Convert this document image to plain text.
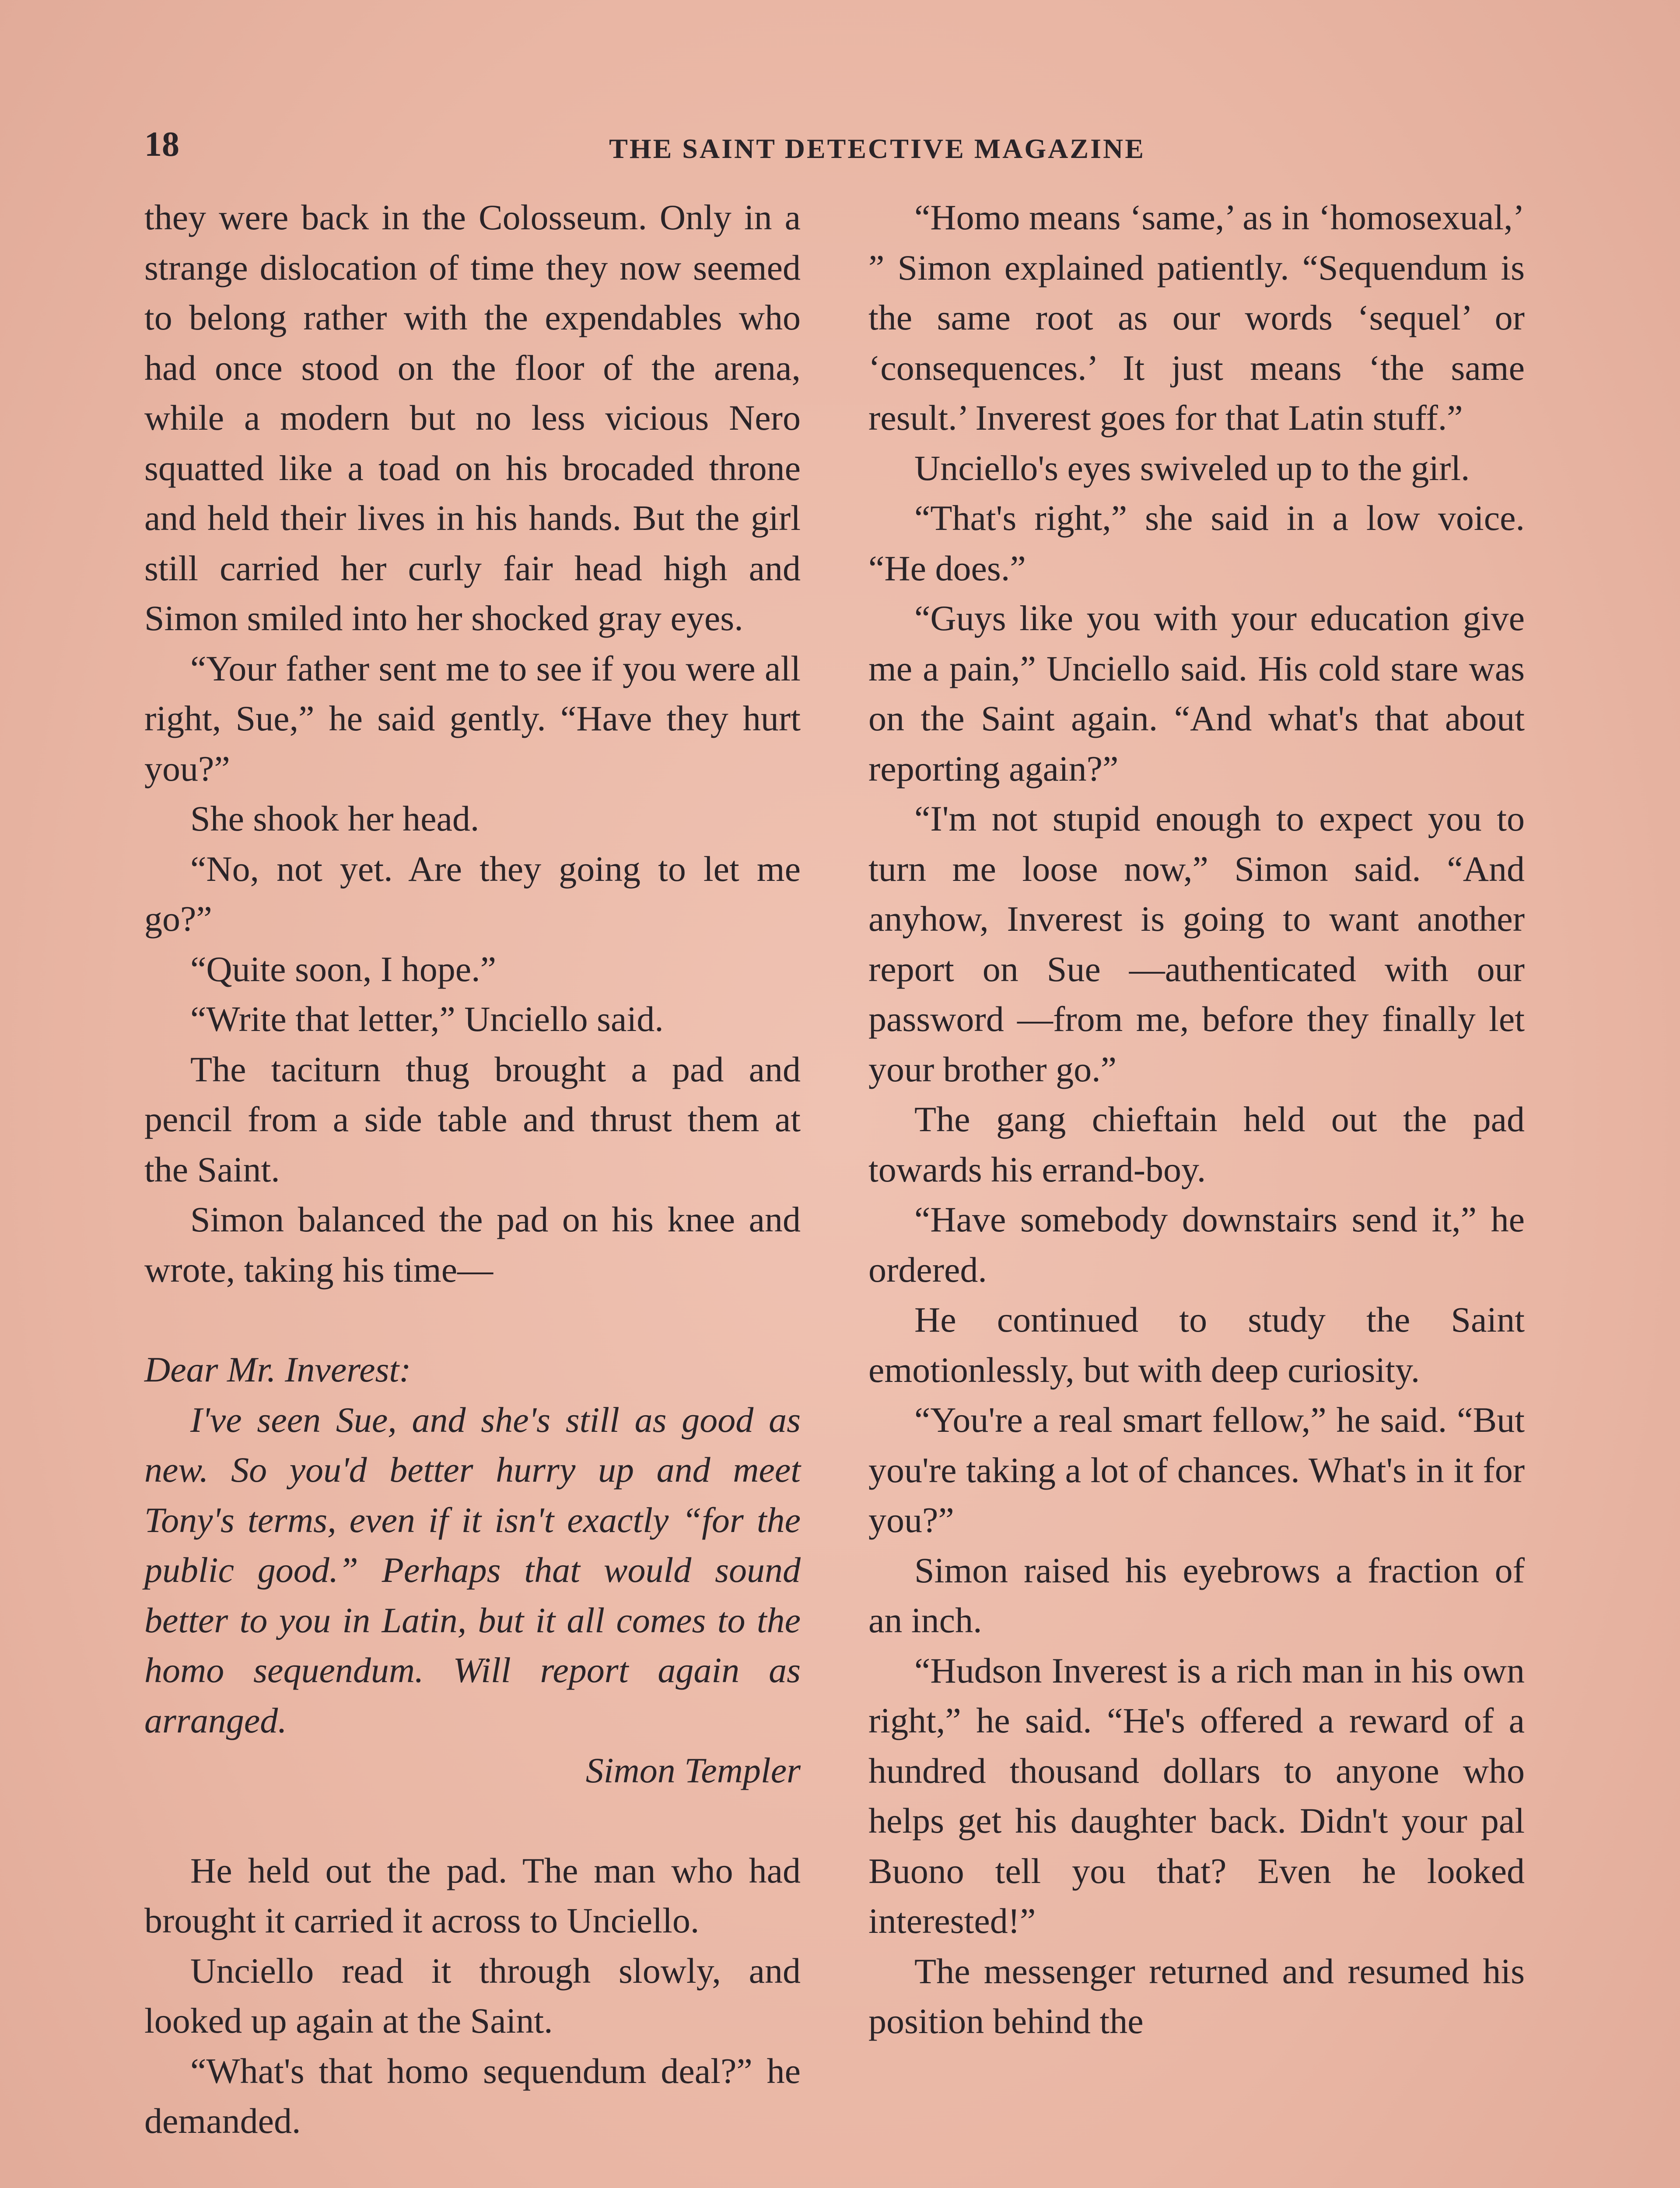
18	THE SAINT DETECTIVE MAGAZINE

they were back in the Colosseum. Only in a strange dislocation of time they now seemed to belong rather with the expendables who had once stood on the floor of the arena, while a modern but no less vicious Nero squatted like a toad on his brocaded throne and held their lives in his hands. But the girl still carried her curly fair head high and Simon smiled into her shocked gray eyes.

“Your father sent me to see if you were all right, Sue,” he said gently. “Have they hurt you?”

She shook her head.

“No, not yet. Are they going to let me go?”

“Quite soon, I hope.”

“Write that letter,” Unciello said.

The taciturn thug brought a pad and pencil from a side table and thrust them at the Saint.

Simon balanced the pad on his knee and wrote, taking his time—

Dear Mr. Inverest:

I've seen Sue, and she's still as good as new. So you'd better hurry up and meet Tony's terms, even if it isn't exactly “for the public good.” Perhaps that would sound better to you in Latin, but it all comes to the homo sequendum. Will report again as arranged.

Simon Templer

He held out the pad. The man who had brought it carried it across to Unciello.

Unciello read it through slowly, and looked up again at the Saint.

“What's that homo sequendum deal?” he demanded.

“Homo means ‘same,’ as in ‘homosexual,’ ” Simon explained patiently. “Sequendum is the same root as our words ‘sequel’ or ‘consequences.’ It just means ‘the same result.’ Inverest goes for that Latin stuff.”

Unciello's eyes swiveled up to the girl.

“That's right,” she said in a low voice. “He does.”

“Guys like you with your education give me a pain,” Unciello said. His cold stare was on the Saint again. “And what's that about reporting again?”

“I'm not stupid enough to expect you to turn me loose now,” Simon said. “And anyhow, Inverest is going to want another report on Sue —authenticated with our password —from me, before they finally let your brother go.”

The gang chieftain held out the pad towards his errand-boy.

“Have somebody downstairs send it,” he ordered.

He continued to study the Saint emotionlessly, but with deep curiosity.

“You're a real smart fellow,” he said. “But you're taking a lot of chances. What's in it for you?”

Simon raised his eyebrows a fraction of an inch.

“Hudson Inverest is a rich man in his own right,” he said. “He's offered a reward of a hundred thousand dollars to anyone who helps get his daughter back. Didn't your pal Buono tell you that? Even he looked interested!”

The messenger returned and resumed his position behind the
